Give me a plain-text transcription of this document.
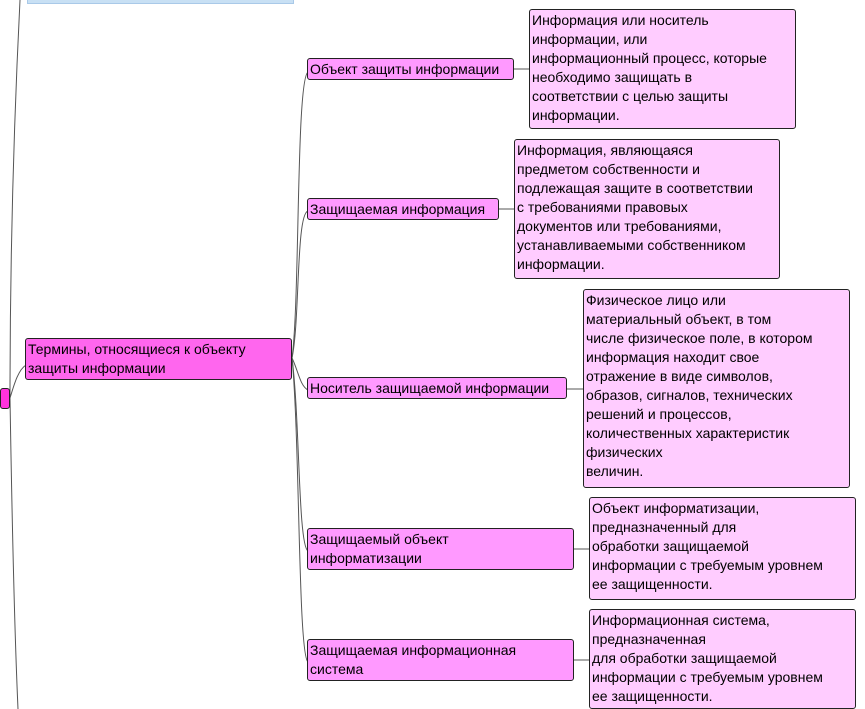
Термины, относящиеся к объекту
защиты информации
Объект защиты информации
Информация или носитель
информации, или
информационный процесс, которые
необходимо защищать в
соответствии с целью защиты
информации.
Защищаемая информация
Информация, являющаяся
предметом собственности и
подлежащая защите в соответствии
с требованиями правовых
документов или требованиями,
устанавливаемыми собственником
информации.
Носитель защищаемой информации
Физическое лицо или
материальный объект, в том
числе физическое поле, в котором
информация находит свое
отражение в виде символов,
образов, сигналов, технических
решений и процессов,
количественных характеристик
физических
величин.
Защищаемый объект
информатизации
Объект информатизации,
предназначенный для
обработки защищаемой
информации с требуемым уровнем
ее защищенности.
Защищаемая информационная
система
Информационная система,
предназначенная
для обработки защищаемой
информации с требуемым уровнем
ее защищенности.
